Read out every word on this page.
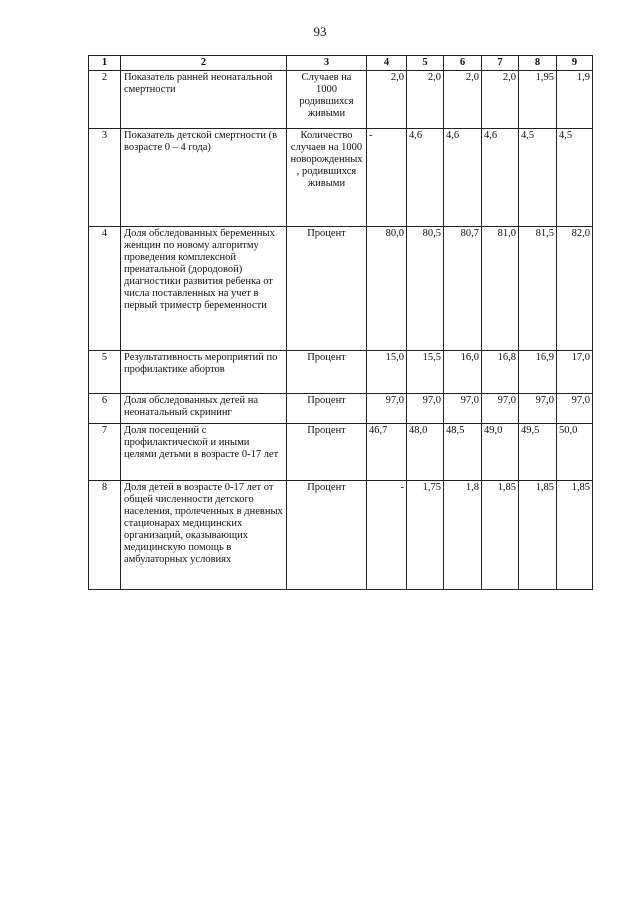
93
1	2	3	4	5	6	7	8	9
2	Показатель ранней неонатальной смертности	Случаев на 1000 родившихся живыми	2,0	2,0	2,0	2,0	1,95	1,9
3	Показатель детской смертности (в возрасте 0 – 4 года)	Количество случаев на 1000 новорожденных, родившихся живыми	-	4,6	4,6	4,6	4,5	4,5
4	Доля обследованных беременных женщин по новому алгоритму проведения комплексной пренатальной (дородовой) диагностики развития ребенка от числа поставленных на учет в первый триместр беременности	Процент	80,0	80,5	80,7	81,0	81,5	82,0
5	Результативность мероприятий по профилактике абортов	Процент	15,0	15,5	16,0	16,8	16,9	17,0
6	Доля обследованных детей на неонатальный скрининг	Процент	97,0	97,0	97,0	97,0	97,0	97,0
7	Доля посещений с профилактической и иными целями детьми в возрасте 0-17 лет	Процент	46,7	48,0	48,5	49,0	49,5	50,0
8	Доля детей в возрасте 0-17 лет от общей численности детского населения, пролеченных в дневных стационарах медицинских организаций, оказывающих медицинскую помощь в амбулаторных условиях	Процент	-	1,75	1,8	1,85	1,85	1,85
